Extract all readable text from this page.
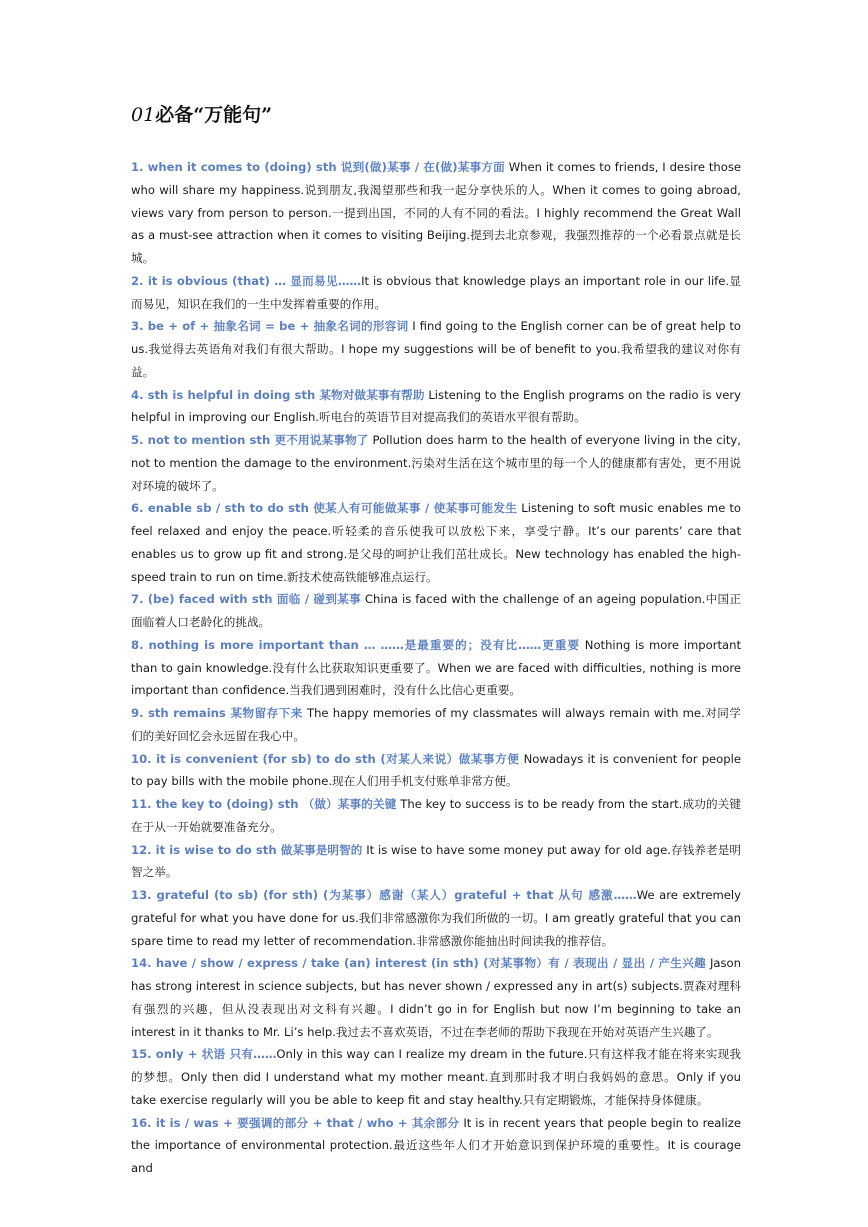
01必备“万能句”

1. when it comes to (doing) sth 说到(做)某事 / 在(做)某事方面 When it comes to friends, I desire those who will share my happiness.说到朋友,我渴望那些和我一起分享快乐的人。When it comes to going abroad, views vary from person to person.一提到出国，不同的人有不同的看法。I highly recommend the Great Wall as a must-see attraction when it comes to visiting Beijing.提到去北京参观，我强烈推荐的一个必看景点就是长城。

2. it is obvious (that) … 显而易见……It is obvious that knowledge plays an important role in our life.显而易见，知识在我们的一生中发挥着重要的作用。

3. be + of + 抽象名词 = be + 抽象名词的形容词 I find going to the English corner can be of great help to us.我觉得去英语角对我们有很大帮助。I hope my suggestions will be of benefit to you.我希望我的建议对你有益。

4. sth is helpful in doing sth 某物对做某事有帮助 Listening to the English programs on the radio is very helpful in improving our English.听电台的英语节目对提高我们的英语水平很有帮助。

5. not to mention sth 更不用说某事物了 Pollution does harm to the health of everyone living in the city, not to mention the damage to the environment.污染对生活在这个城市里的每一个人的健康都有害处，更不用说对环境的破坏了。

6. enable sb / sth to do sth 使某人有可能做某事 / 使某事可能发生 Listening to soft music enables me to feel relaxed and enjoy the peace.听轻柔的音乐使我可以放松下来，享受宁静。It’s our parents’ care that enables us to grow up fit and strong.是父母的呵护让我们茁壮成长。New technology has enabled the high-speed train to run on time.新技术使高铁能够准点运行。

7. (be) faced with sth 面临 / 碰到某事 China is faced with the challenge of an ageing population.中国正面临着人口老龄化的挑战。

8. nothing is more important than … ……是最重要的；没有比……更重要 Nothing is more important than to gain knowledge.没有什么比获取知识更重要了。When we are faced with difficulties, nothing is more important than confidence.当我们遇到困难时，没有什么比信心更重要。

9. sth remains 某物留存下来 The happy memories of my classmates will always remain with me.对同学们的美好回忆会永远留在我心中。

10. it is convenient (for sb) to do sth (对某人来说）做某事方便 Nowadays it is convenient for people to pay bills with the mobile phone.现在人们用手机支付账单非常方便。

11. the key to (doing) sth （做）某事的关键 The key to success is to be ready from the start.成功的关键在于从一开始就要准备充分。

12. it is wise to do sth 做某事是明智的 It is wise to have some money put away for old age.存钱养老是明智之举。

13. grateful (to sb) (for sth) (为某事）感谢（某人）grateful + that 从句 感激……We are extremely grateful for what you have done for us.我们非常感激你为我们所做的一切。I am greatly grateful that you can spare time to read my letter of recommendation.非常感激你能抽出时间读我的推荐信。

14. have / show / express / take (an) interest (in sth) (对某事物）有 / 表现出 / 显出 / 产生兴趣 Jason has strong interest in science subjects, but has never shown / expressed any in art(s) subjects.贾森对理科有强烈的兴趣，但从没表现出对文科有兴趣。I didn’t go in for English but now I’m beginning to take an interest in it thanks to Mr. Li’s help.我过去不喜欢英语，不过在李老师的帮助下我现在开始对英语产生兴趣了。

15. only + 状语 只有……Only in this way can I realize my dream in the future.只有这样我才能在将来实现我的梦想。Only then did I understand what my mother meant.直到那时我才明白我妈妈的意思。Only if you take exercise regularly will you be able to keep fit and stay healthy.只有定期锻炼，才能保持身体健康。

16. it is / was + 要强调的部分 + that / who + 其余部分 It is in recent years that people begin to realize the importance of environmental protection.最近这些年人们才开始意识到保护环境的重要性。It is courage and
